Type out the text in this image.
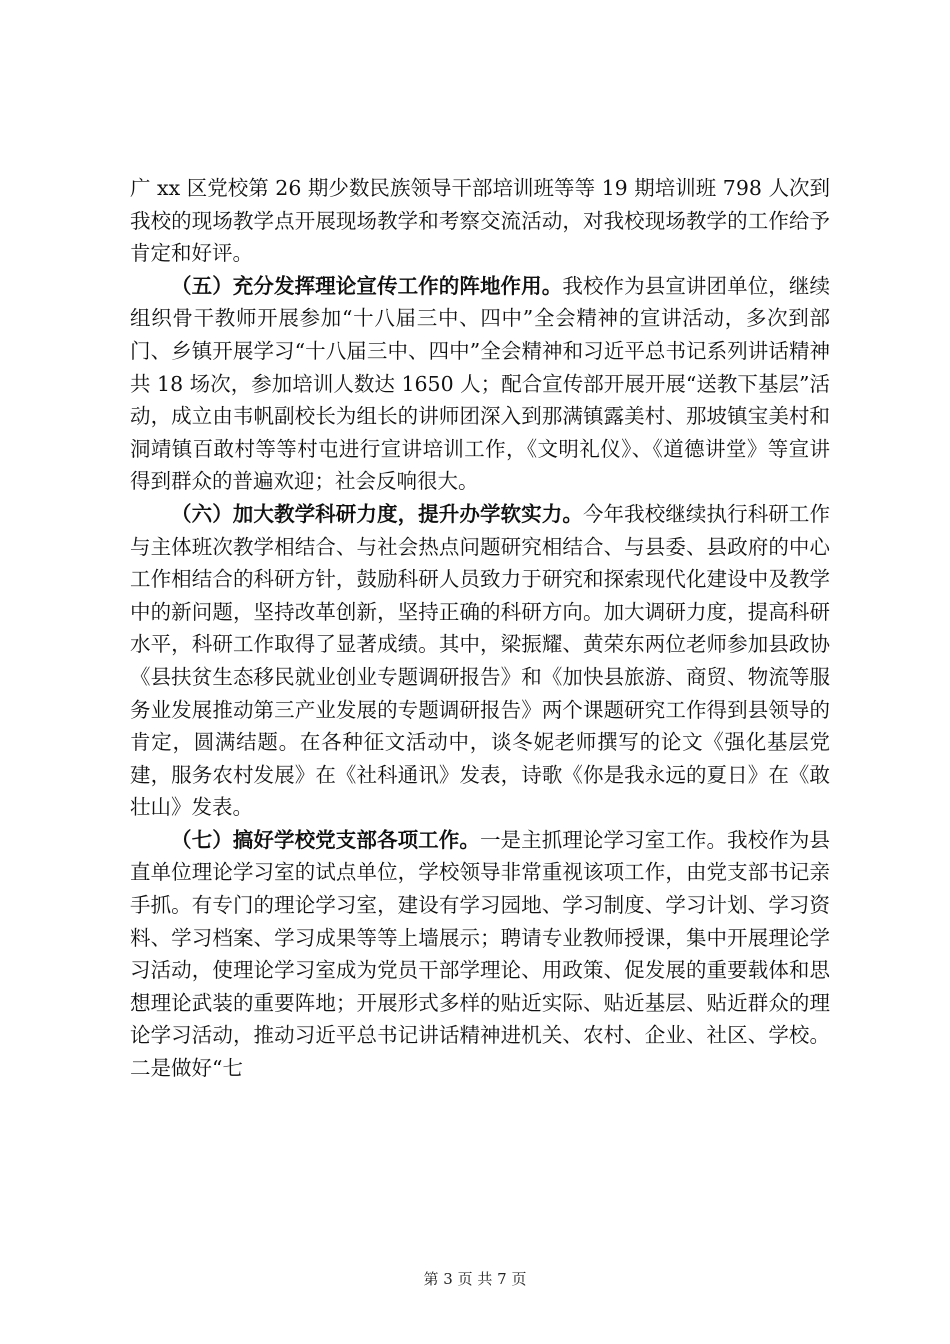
广 xx 区党校第 26 期少数民族领导干部培训班等等 19 期培训班 798 人次到我校的现场教学点开展现场教学和考察交流活动，对我校现场教学的工作给予肯定和好评。

（五）充分发挥理论宣传工作的阵地作用。我校作为县宣讲团单位，继续组织骨干教师开展参加“十八届三中、四中”全会精神的宣讲活动，多次到部门、乡镇开展学习“十八届三中、四中”全会精神和习近平总书记系列讲话精神共 18 场次，参加培训人数达 1650 人；配合宣传部开展开展“送教下基层”活动，成立由韦帆副校长为组长的讲师团深入到那满镇露美村、那坡镇宝美村和洞靖镇百敢村等等村屯进行宣讲培训工作，《文明礼仪》、《道德讲堂》等宣讲得到群众的普遍欢迎；社会反响很大。

（六）加大教学科研力度，提升办学软实力。今年我校继续执行科研工作与主体班次教学相结合、与社会热点问题研究相结合、与县委、县政府的中心工作相结合的科研方针，鼓励科研人员致力于研究和探索现代化建设中及教学中的新问题，坚持改革创新，坚持正确的科研方向。加大调研力度，提高科研水平，科研工作取得了显著成绩。其中，梁振耀、黄荣东两位老师参加县政协《县扶贫生态移民就业创业专题调研报告》和《加快县旅游、商贸、物流等服务业发展推动第三产业发展的专题调研报告》两个课题研究工作得到县领导的肯定，圆满结题。在各种征文活动中，谈冬妮老师撰写的论文《强化基层党建，服务农村发展》在《社科通讯》发表，诗歌《你是我永远的夏日》在《敢壮山》发表。

（七）搞好学校党支部各项工作。一是主抓理论学习室工作。我校作为县直单位理论学习室的试点单位，学校领导非常重视该项工作，由党支部书记亲手抓。有专门的理论学习室，建设有学习园地、学习制度、学习计划、学习资料、学习档案、学习成果等等上墙展示；聘请专业教师授课，集中开展理论学习活动，使理论学习室成为党员干部学理论、用政策、促发展的重要载体和思想理论武装的重要阵地；开展形式多样的贴近实际、贴近基层、贴近群众的理论学习活动，推动习近平总书记讲话精神进机关、农村、企业、社区、学校。二是做好“七

第 3 页 共 7 页
